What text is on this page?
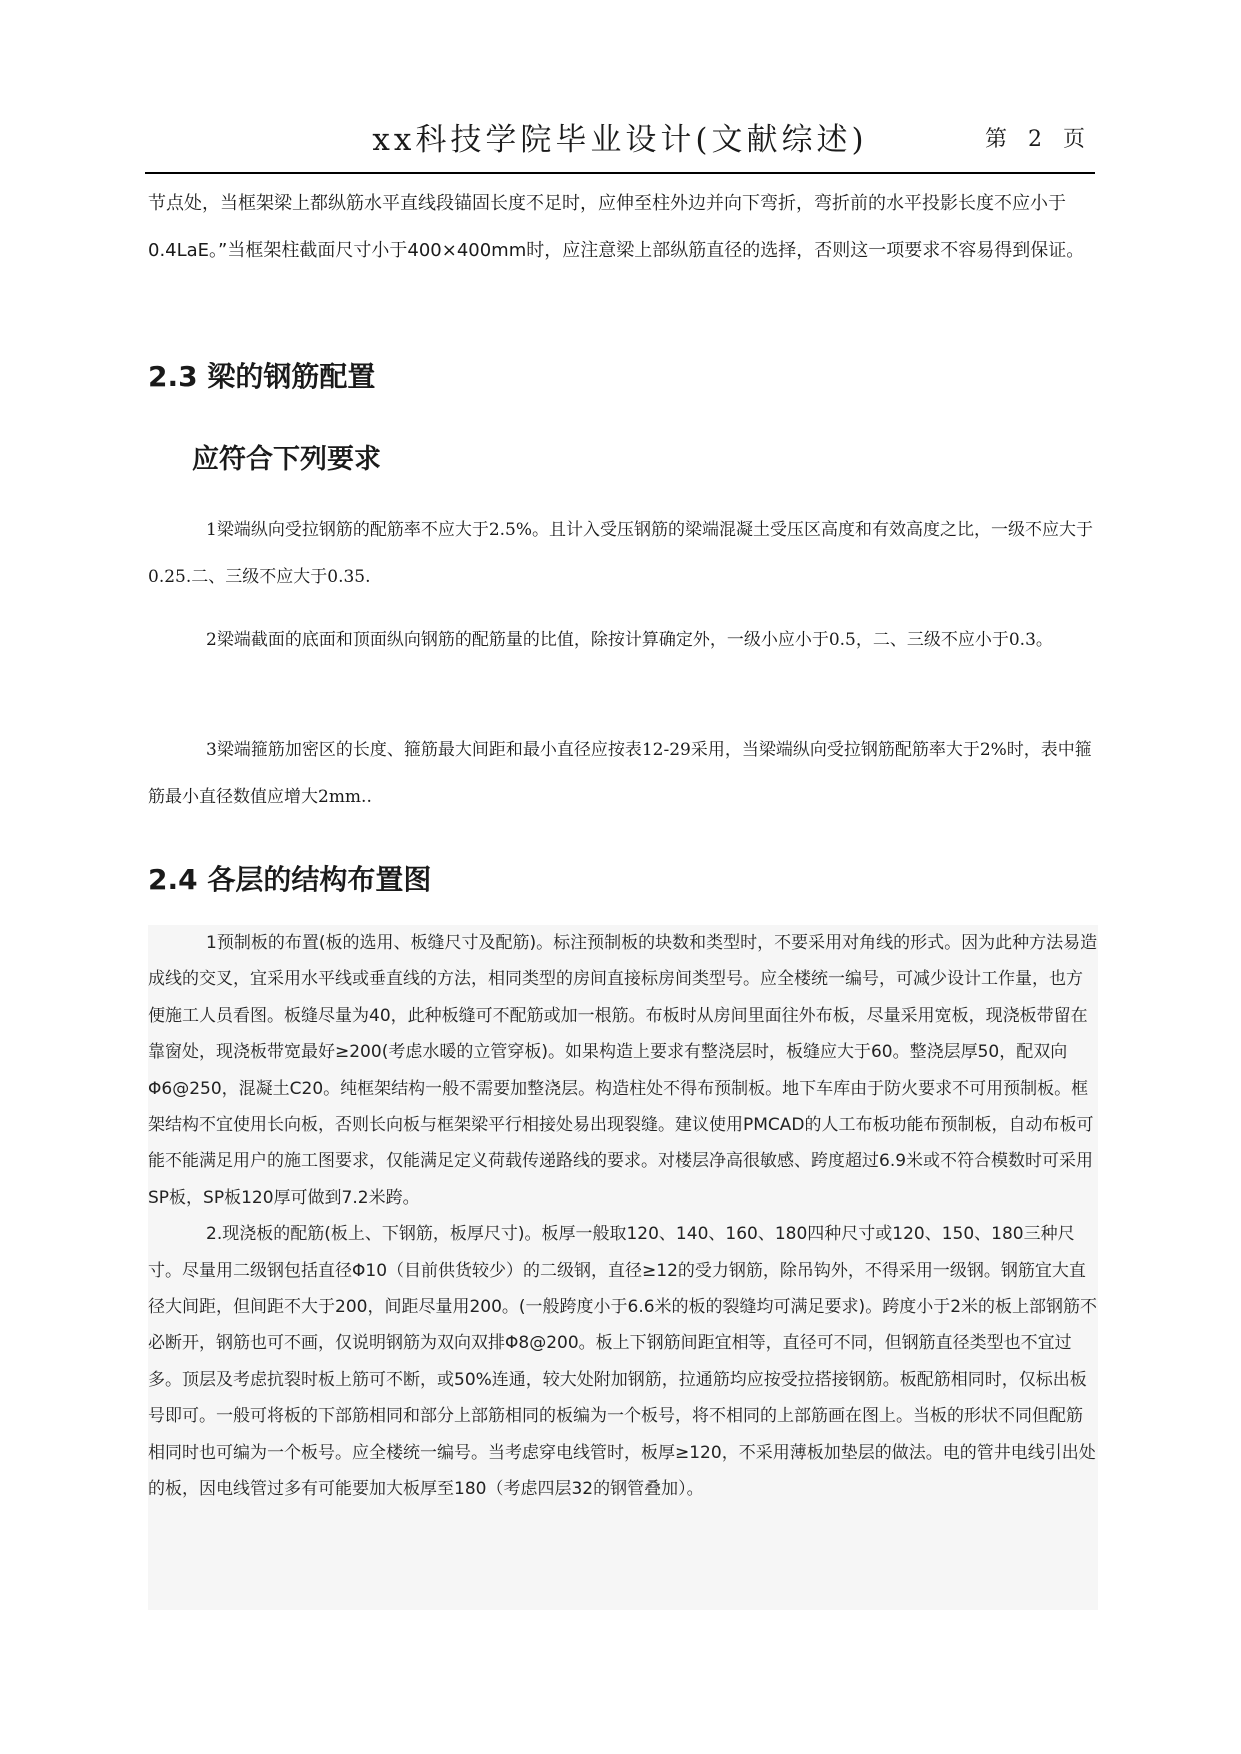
xx科技学院毕业设计(文献综述)	第 2 页

节点处，当框架梁上都纵筋水平直线段锚固长度不足时，应伸至柱外边并向下弯折，弯折前的水平投影长度不应小于0.4LaE。”当框架柱截面尺寸小于400×400mm时，应注意梁上部纵筋直径的选择，否则这一项要求不容易得到保证。

2.3 梁的钢筋配置
应符合下列要求

1梁端纵向受拉钢筋的配筋率不应大于2.5%。且计入受压钢筋的梁端混凝土受压区高度和有效高度之比，一级不应大于0.25.二、三级不应大于0.35.

2梁端截面的底面和顶面纵向钢筋的配筋量的比值，除按计算确定外，一级小应小于0.5，二、三级不应小于0.3。

3梁端箍筋加密区的长度、箍筋最大间距和最小直径应按表12-29采用，当梁端纵向受拉钢筋配筋率大于2%时，表中箍筋最小直径数值应增大2mm..

2.4 各层的结构布置图

1预制板的布置(板的选用、板缝尺寸及配筋)。标注预制板的块数和类型时，不要采用对角线的形式。因为此种方法易造成线的交叉，宜采用水平线或垂直线的方法，相同类型的房间直接标房间类型号。应全楼统一编号，可减少设计工作量，也方便施工人员看图。板缝尽量为40，此种板缝可不配筋或加一根筋。布板时从房间里面往外布板，尽量采用宽板，现浇板带留在靠窗处，现浇板带宽最好≥200(考虑水暖的立管穿板)。如果构造上要求有整浇层时，板缝应大于60。整浇层厚50，配双向Φ6@250，混凝土C20。纯框架结构一般不需要加整浇层。构造柱处不得布预制板。地下车库由于防火要求不可用预制板。框架结构不宜使用长向板，否则长向板与框架梁平行相接处易出现裂缝。建议使用PMCAD的人工布板功能布预制板，自动布板可能不能满足用户的施工图要求，仅能满足定义荷载传递路线的要求。对楼层净高很敏感、跨度超过6.9米或不符合模数时可采用SP板，SP板120厚可做到7.2米跨。

2.现浇板的配筋(板上、下钢筋，板厚尺寸)。板厚一般取120、140、160、180四种尺寸或120、150、180三种尺寸。尽量用二级钢包括直径Φ10（目前供货较少）的二级钢，直径≥12的受力钢筋，除吊钩外，不得采用一级钢。钢筋宜大直径大间距，但间距不大于200，间距尽量用200。(一般跨度小于6.6米的板的裂缝均可满足要求)。跨度小于2米的板上部钢筋不必断开，钢筋也可不画，仅说明钢筋为双向双排Φ8@200。板上下钢筋间距宜相等，直径可不同，但钢筋直径类型也不宜过多。顶层及考虑抗裂时板上筋可不断，或50%连通，较大处附加钢筋，拉通筋均应按受拉搭接钢筋。板配筋相同时，仅标出板号即可。一般可将板的下部筋相同和部分上部筋相同的板编为一个板号，将不相同的上部筋画在图上。当板的形状不同但配筋相同时也可编为一个板号。应全楼统一编号。当考虑穿电线管时，板厚≥120，不采用薄板加垫层的做法。电的管井电线引出处的板，因电线管过多有可能要加大板厚至180（考虑四层32的钢管叠加）。
